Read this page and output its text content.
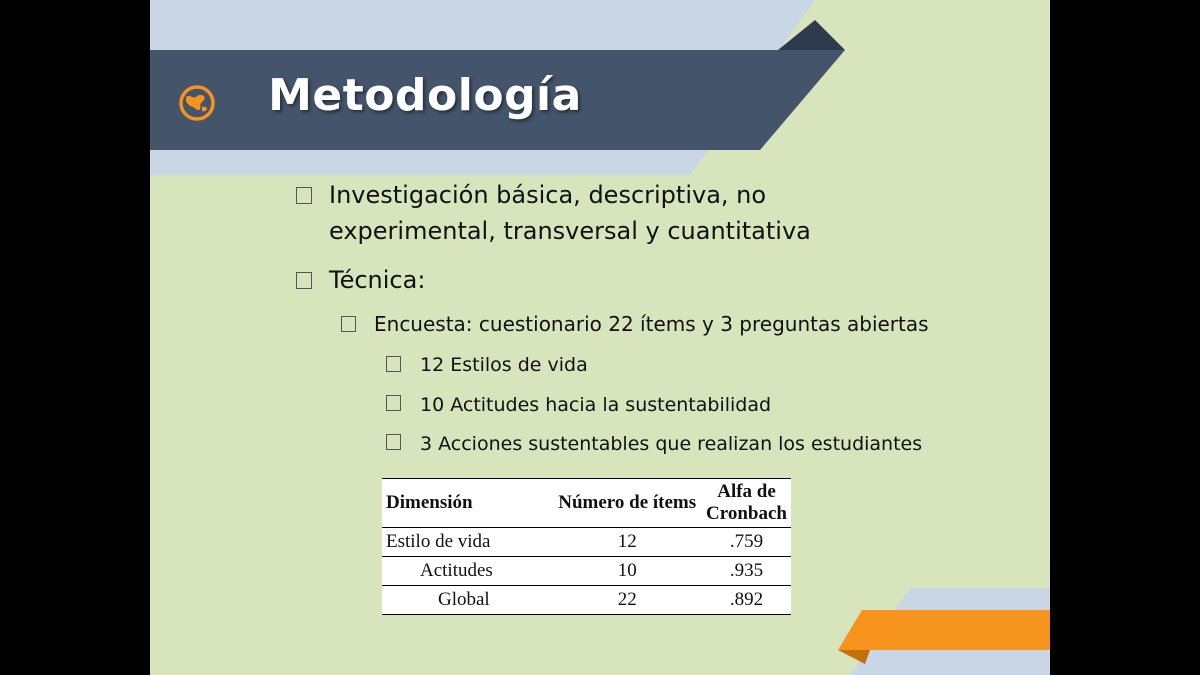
Metodología
Investigación básica, descriptiva, no
experimental, transversal y cuantitativa
Técnica:
Encuesta: cuestionario 22 ítems y 3 preguntas abiertas
12 Estilos de vida
10 Actitudes hacia la sustentabilidad
3 Acciones sustentables que realizan los estudiantes
Dimensión	Número de ítems	Alfa de Cronbach
Estilo de vida	12	.759
Actitudes	10	.935
Global	22	.892
